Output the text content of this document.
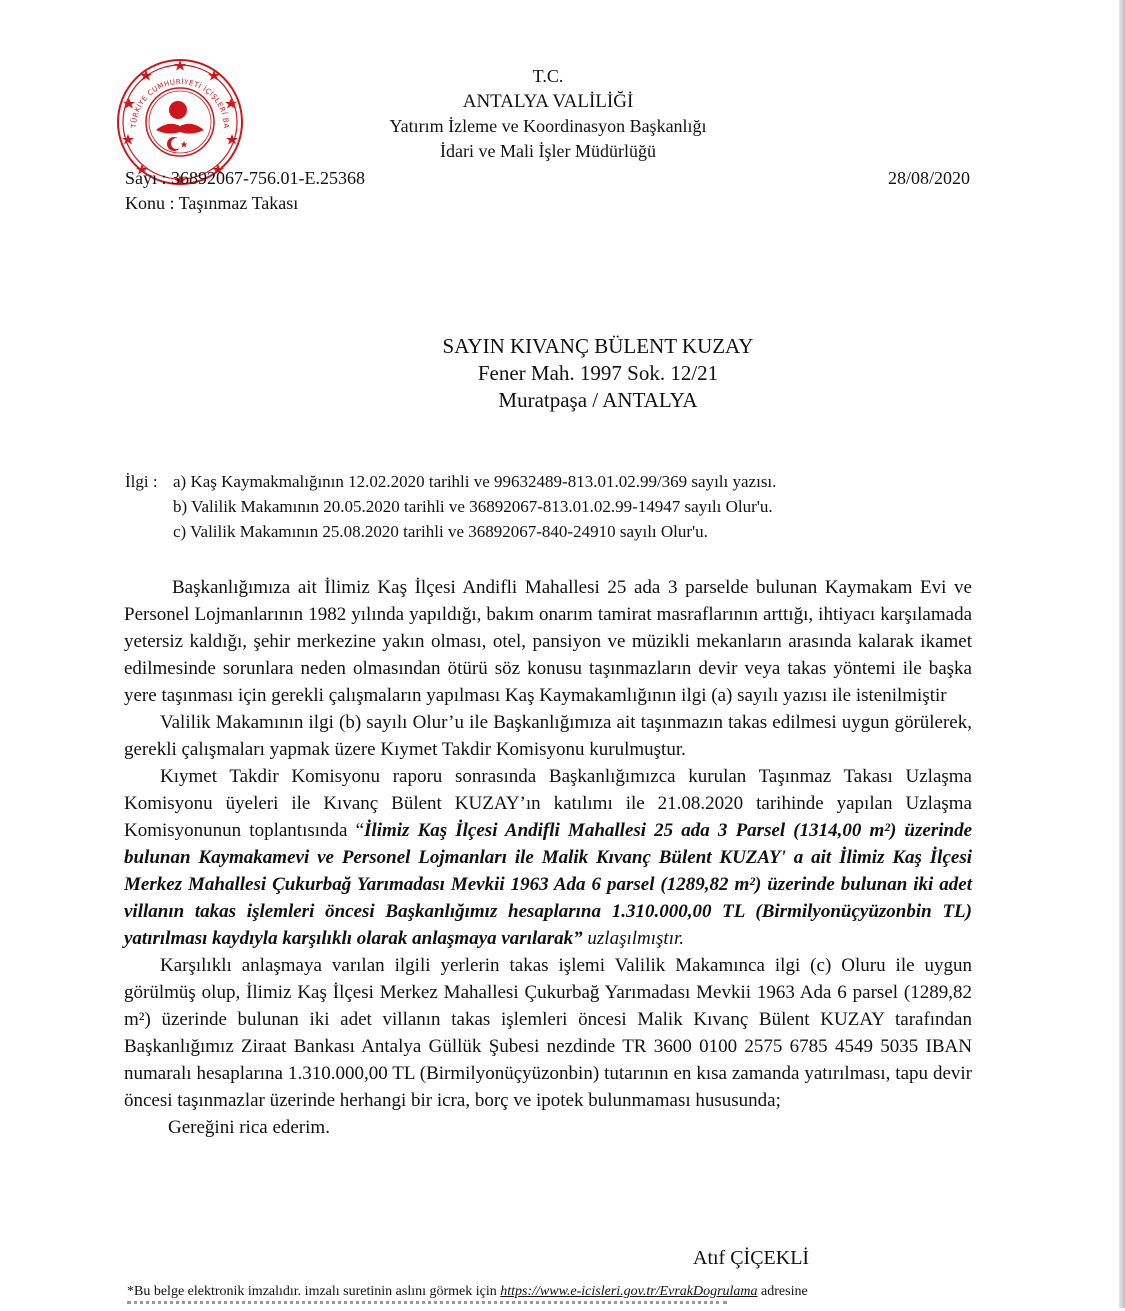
TÜRKİYE CUMHURİYETİ İÇİŞLERİ BA
T.C.
ANTALYA VALİLİĞİ
Yatırım İzleme ve Koordinasyon Başkanlığı
İdari ve Mali İşler Müdürlüğü
Sayı : 36892067-756.01-E.25368	28/08/2020
Konu : Taşınmaz Takası
SAYIN KIVANÇ BÜLENT KUZAY
Fener Mah. 1997 Sok. 12/21
Muratpaşa / ANTALYA
İlgi : a) Kaş Kaymakmalığının 12.02.2020 tarihli ve 99632489-813.01.02.99/369 sayılı yazısı.
b) Valilik Makamının 20.05.2020 tarihli ve 36892067-813.01.02.99-14947 sayılı Olur'u.
c) Valilik Makamının 25.08.2020 tarihli ve 36892067-840-24910 sayılı Olur'u.

Başkanlığımıza ait İlimiz Kaş İlçesi Andifli Mahallesi 25 ada 3 parselde bulunan Kaymakam Evi ve Personel Lojmanlarının 1982 yılında yapıldığı, bakım onarım tamirat masraflarının arttığı, ihtiyacı karşılamada yetersiz kaldığı, şehir merkezine yakın olması, otel, pansiyon ve müzikli mekanların arasında kalarak ikamet edilmesinde sorunlara neden olmasından ötürü söz konusu taşınmazların devir veya takas yöntemi ile başka yere taşınması için gerekli çalışmaların yapılması Kaş Kaymakamlığının ilgi (a) sayılı yazısı ile istenilmiştir

Valilik Makamının ilgi (b) sayılı Olur’u ile Başkanlığımıza ait taşınmazın takas edilmesi uygun görülerek, gerekli çalışmaları yapmak üzere Kıymet Takdir Komisyonu kurulmuştur.

Kıymet Takdir Komisyonu raporu sonrasında Başkanlığımızca kurulan Taşınmaz Takası Uzlaşma Komisyonu üyeleri ile Kıvanç Bülent KUZAY’ın katılımı ile 21.08.2020 tarihinde yapılan Uzlaşma Komisyonunun toplantısında “İlimiz Kaş İlçesi Andifli Mahallesi 25 ada 3 Parsel (1314,00 m²) üzerinde bulunan Kaymakamevi ve Personel Lojmanları ile Malik Kıvanç Bülent KUZAY' a ait İlimiz Kaş İlçesi Merkez Mahallesi Çukurbağ Yarımadası Mevkii 1963 Ada 6 parsel (1289,82 m²) üzerinde bulunan iki adet villanın takas işlemleri öncesi Başkanlığımız hesaplarına 1.310.000,00 TL (Birmilyonüçyüzonbin TL) yatırılması kaydıyla karşılıklı olarak anlaşmaya varılarak” uzlaşılmıştır.

Karşılıklı anlaşmaya varılan ilgili yerlerin takas işlemi Valilik Makamınca ilgi (c) Oluru ile uygun görülmüş olup, İlimiz Kaş İlçesi Merkez Mahallesi Çukurbağ Yarımadası Mevkii 1963 Ada 6 parsel (1289,82 m²) üzerinde bulunan iki adet villanın takas işlemleri öncesi Malik Kıvanç Bülent KUZAY tarafından Başkanlığımız Ziraat Bankası Antalya Güllük Şubesi nezdinde TR 3600 0100 2575 6785 4549 5035 IBAN numaralı hesaplarına 1.310.000,00 TL (Birmilyonüçyüzonbin) tutarının en kısa zamanda yatırılması, tapu devir öncesi taşınmazlar üzerinde herhangi bir icra, borç ve ipotek bulunmaması hususunda;

Gereğini rica ederim.

Atıf ÇİÇEKLİ
*Bu belge elektronik imzalıdır. imzalı suretinin aslını görmek için https://www.e-icisleri.gov.tr/EvrakDogrulama adresine
